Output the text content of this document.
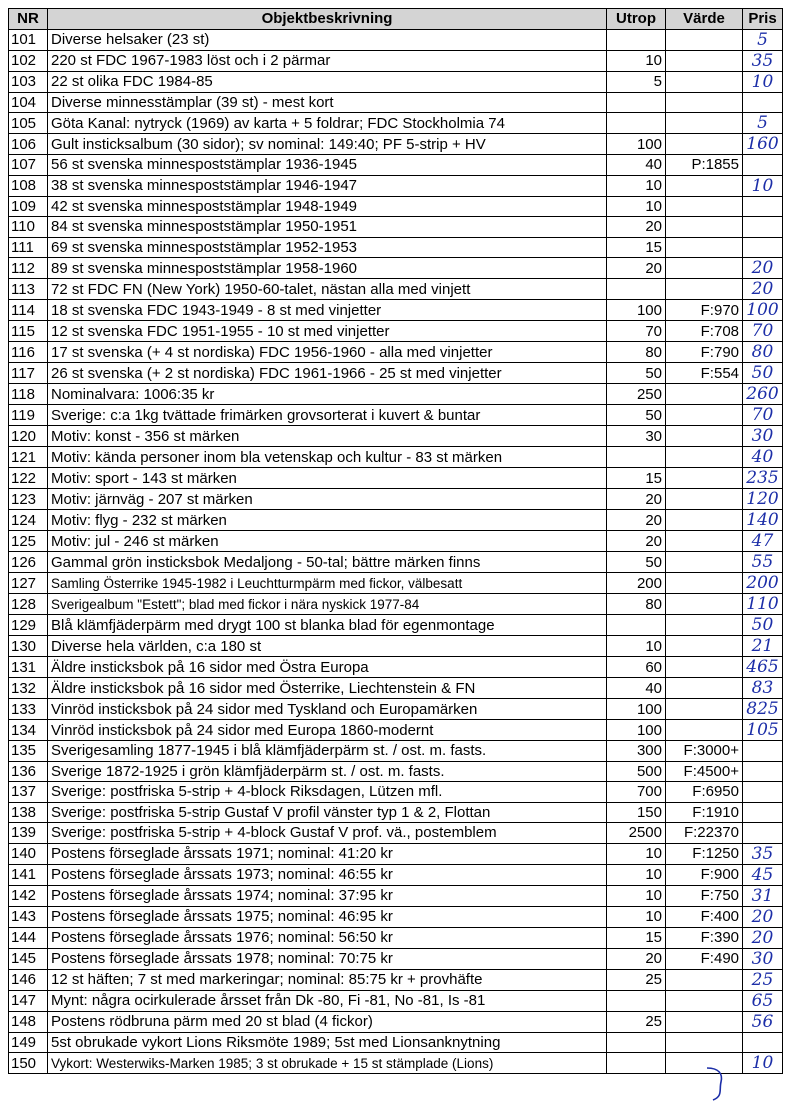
NR	Objektbeskrivning	Utrop	Värde	Pris
101	Diverse helsaker (23 st)			5
102	220 st FDC 1967-1983 löst och i 2 pärmar	10		35
103	22 st olika FDC 1984-85	5		10
104	Diverse minnesstämplar (39 st) - mest kort			
105	Göta Kanal: nytryck (1969) av karta + 5 foldrar; FDC Stockholmia 74			5
106	Gult insticksalbum (30 sidor); sv nominal: 149:40; PF 5-strip + HV	100		160
107	56 st svenska minnespoststämplar 1936-1945	40	P:1855	
108	38 st svenska minnespoststämplar 1946-1947	10		10
109	42 st svenska minnespoststämplar 1948-1949	10		
110	84 st svenska minnespoststämplar 1950-1951	20		
111	69 st svenska minnespoststämplar 1952-1953	15		
112	89 st svenska minnespoststämplar 1958-1960	20		20
113	72 st FDC FN (New York) 1950-60-talet, nästan alla med vinjett			20
114	18 st svenska FDC 1943-1949 - 8 st med vinjetter	100	F:970	100
115	12 st svenska FDC 1951-1955 - 10 st med vinjetter	70	F:708	70
116	17 st svenska (+ 4 st nordiska) FDC 1956-1960 - alla med vinjetter	80	F:790	80
117	26 st svenska (+ 2 st nordiska) FDC 1961-1966 - 25 st med vinjetter	50	F:554	50
118	Nominalvara: 1006:35 kr	250		260
119	Sverige: c:a 1kg tvättade frimärken grovsorterat i kuvert & buntar	50		70
120	Motiv: konst - 356 st märken	30		30
121	Motiv: kända personer inom bla vetenskap och kultur - 83 st märken			40
122	Motiv: sport - 143 st märken	15		235
123	Motiv: järnväg - 207 st märken	20		120
124	Motiv: flyg - 232 st märken	20		140
125	Motiv: jul - 246 st märken	20		47
126	Gammal grön insticksbok Medaljong - 50-tal; bättre märken finns	50		55
127	Samling Österrike 1945-1982 i Leuchtturmpärm med fickor, välbesatt	200		200
128	Sverigealbum "Estett"; blad med fickor i nära nyskick 1977-84	80		110
129	Blå klämfjäderpärm med drygt 100 st blanka blad för egenmontage			50
130	Diverse hela världen, c:a 180 st	10		21
131	Äldre insticksbok på 16 sidor med Östra Europa	60		465
132	Äldre insticksbok på 16 sidor med Österrike, Liechtenstein & FN	40		83
133	Vinröd insticksbok på 24 sidor med Tyskland och Europamärken	100		825
134	Vinröd insticksbok på 24 sidor med Europa 1860-modernt	100		105
135	Sverigesamling 1877-1945 i blå klämfjäderpärm st. / ost. m. fasts.	300	F:3000+	
136	Sverige 1872-1925 i grön klämfjäderpärm st. / ost. m. fasts.	500	F:4500+	
137	Sverige: postfriska 5-strip + 4-block Riksdagen, Lützen mfl.	700	F:6950	
138	Sverige: postfriska 5-strip Gustaf V profil vänster typ 1 & 2, Flottan	150	F:1910	
139	Sverige: postfriska 5-strip + 4-block Gustaf V prof. vä., postemblem	2500	F:22370	
140	Postens förseglade årssats 1971; nominal: 41:20 kr	10	F:1250	35
141	Postens förseglade årssats 1973; nominal: 46:55 kr	10	F:900	45
142	Postens förseglade årssats 1974; nominal: 37:95 kr	10	F:750	31
143	Postens förseglade årssats 1975; nominal: 46:95 kr	10	F:400	20
144	Postens förseglade årssats 1976; nominal: 56:50 kr	15	F:390	20
145	Postens förseglade årssats 1978; nominal: 70:75 kr	20	F:490	30
146	12 st häften; 7 st med markeringar; nominal: 85:75 kr + provhäfte	25		25
147	Mynt: några ocirkulerade årsset från Dk -80, Fi -81, No -81, Is -81			65
148	Postens rödbruna pärm med 20 st blad (4 fickor)	25		56
149	5st obrukade vykort Lions Riksmöte 1989; 5st med Lionsanknytning			
150	Vykort: Westerwiks-Marken 1985; 3 st obrukade + 15 st stämplade (Lions)			10
